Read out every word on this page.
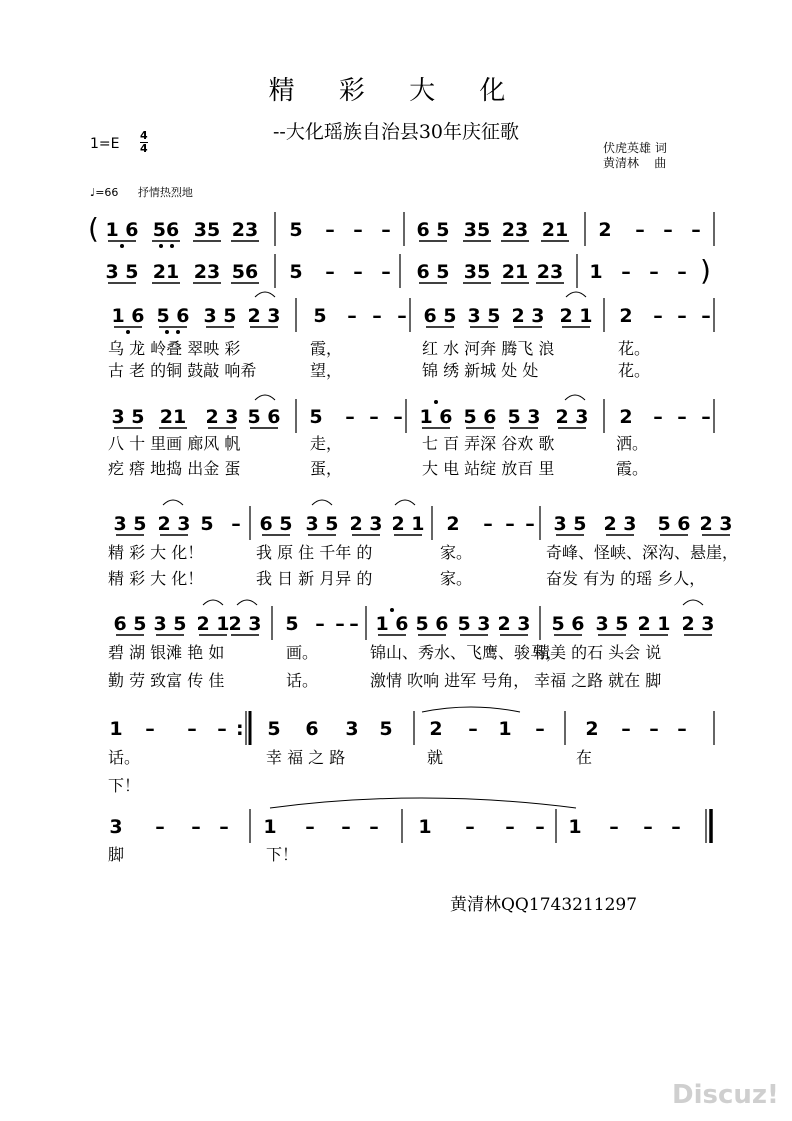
精 彩 大 化
--大化瑶族自治县30年庆征歌
1=E
4
4	伏虎英雄 词
黄清林    曲
♩=66 抒情热烈地
( 1 6 56 35 23 5 – – – 6 5 35 23 21 2 – – –
3 5 21 23 56 5 – – – 6 5 35 21 23 1 – – – )
1 6 5 6 3 5 2 3 5 – – – 6 5 3 5 2 3 2 1 2 – – –
乌 龙 岭叠 翠映 彩	霞，	红 水 河奔 腾飞 浪	花。
古 老 的铜 鼓敲 响希	望，	锦 绣 新城 处 处	花。
3 5 21 2 3 5 6 5 – – – 1 6 5 6 5 3 2 3 2 – – –
八 十 里画 廊风 帆	走，	七 百 弄深 谷欢 歌	洒。
疙 瘩 地捣 出金 蛋	蛋，	大 电 站绽 放百 里	霞。
3 5 2 3 5 – 6 5 3 5 2 3 2 1 2 – – – 3 5 2 3 5 6 2 3
精 彩 大 化！	我 原 住 千年 的	家。	奇峰、怪峡、深沟、悬崖，
精 彩 大 化！	我 日 新 月异 的	家。	奋发 有为 的瑶 乡人，
6 5 3 5 2 1
2 3 5 – – – 1 6 5 6 5 3 2 3 5 6 3 5 2 1 2 3
碧 湖 银滩 艳 如	画。	锦山、秀水、飞鹰、骏马，
精美 的石 头会 说
勤 劳 致富 传 佳	话。	激情 吹响 进军 号角， 幸福 之路 就在 脚
1 – – – : 5 6 3 5 2 – 1 – 2 – – –
话。	幸 福 之 路	就	在
下！
3 – – – 1 – – – 1 – – – 1 – – –
脚	下！
黄清林QQ1743211297
Discuz!
